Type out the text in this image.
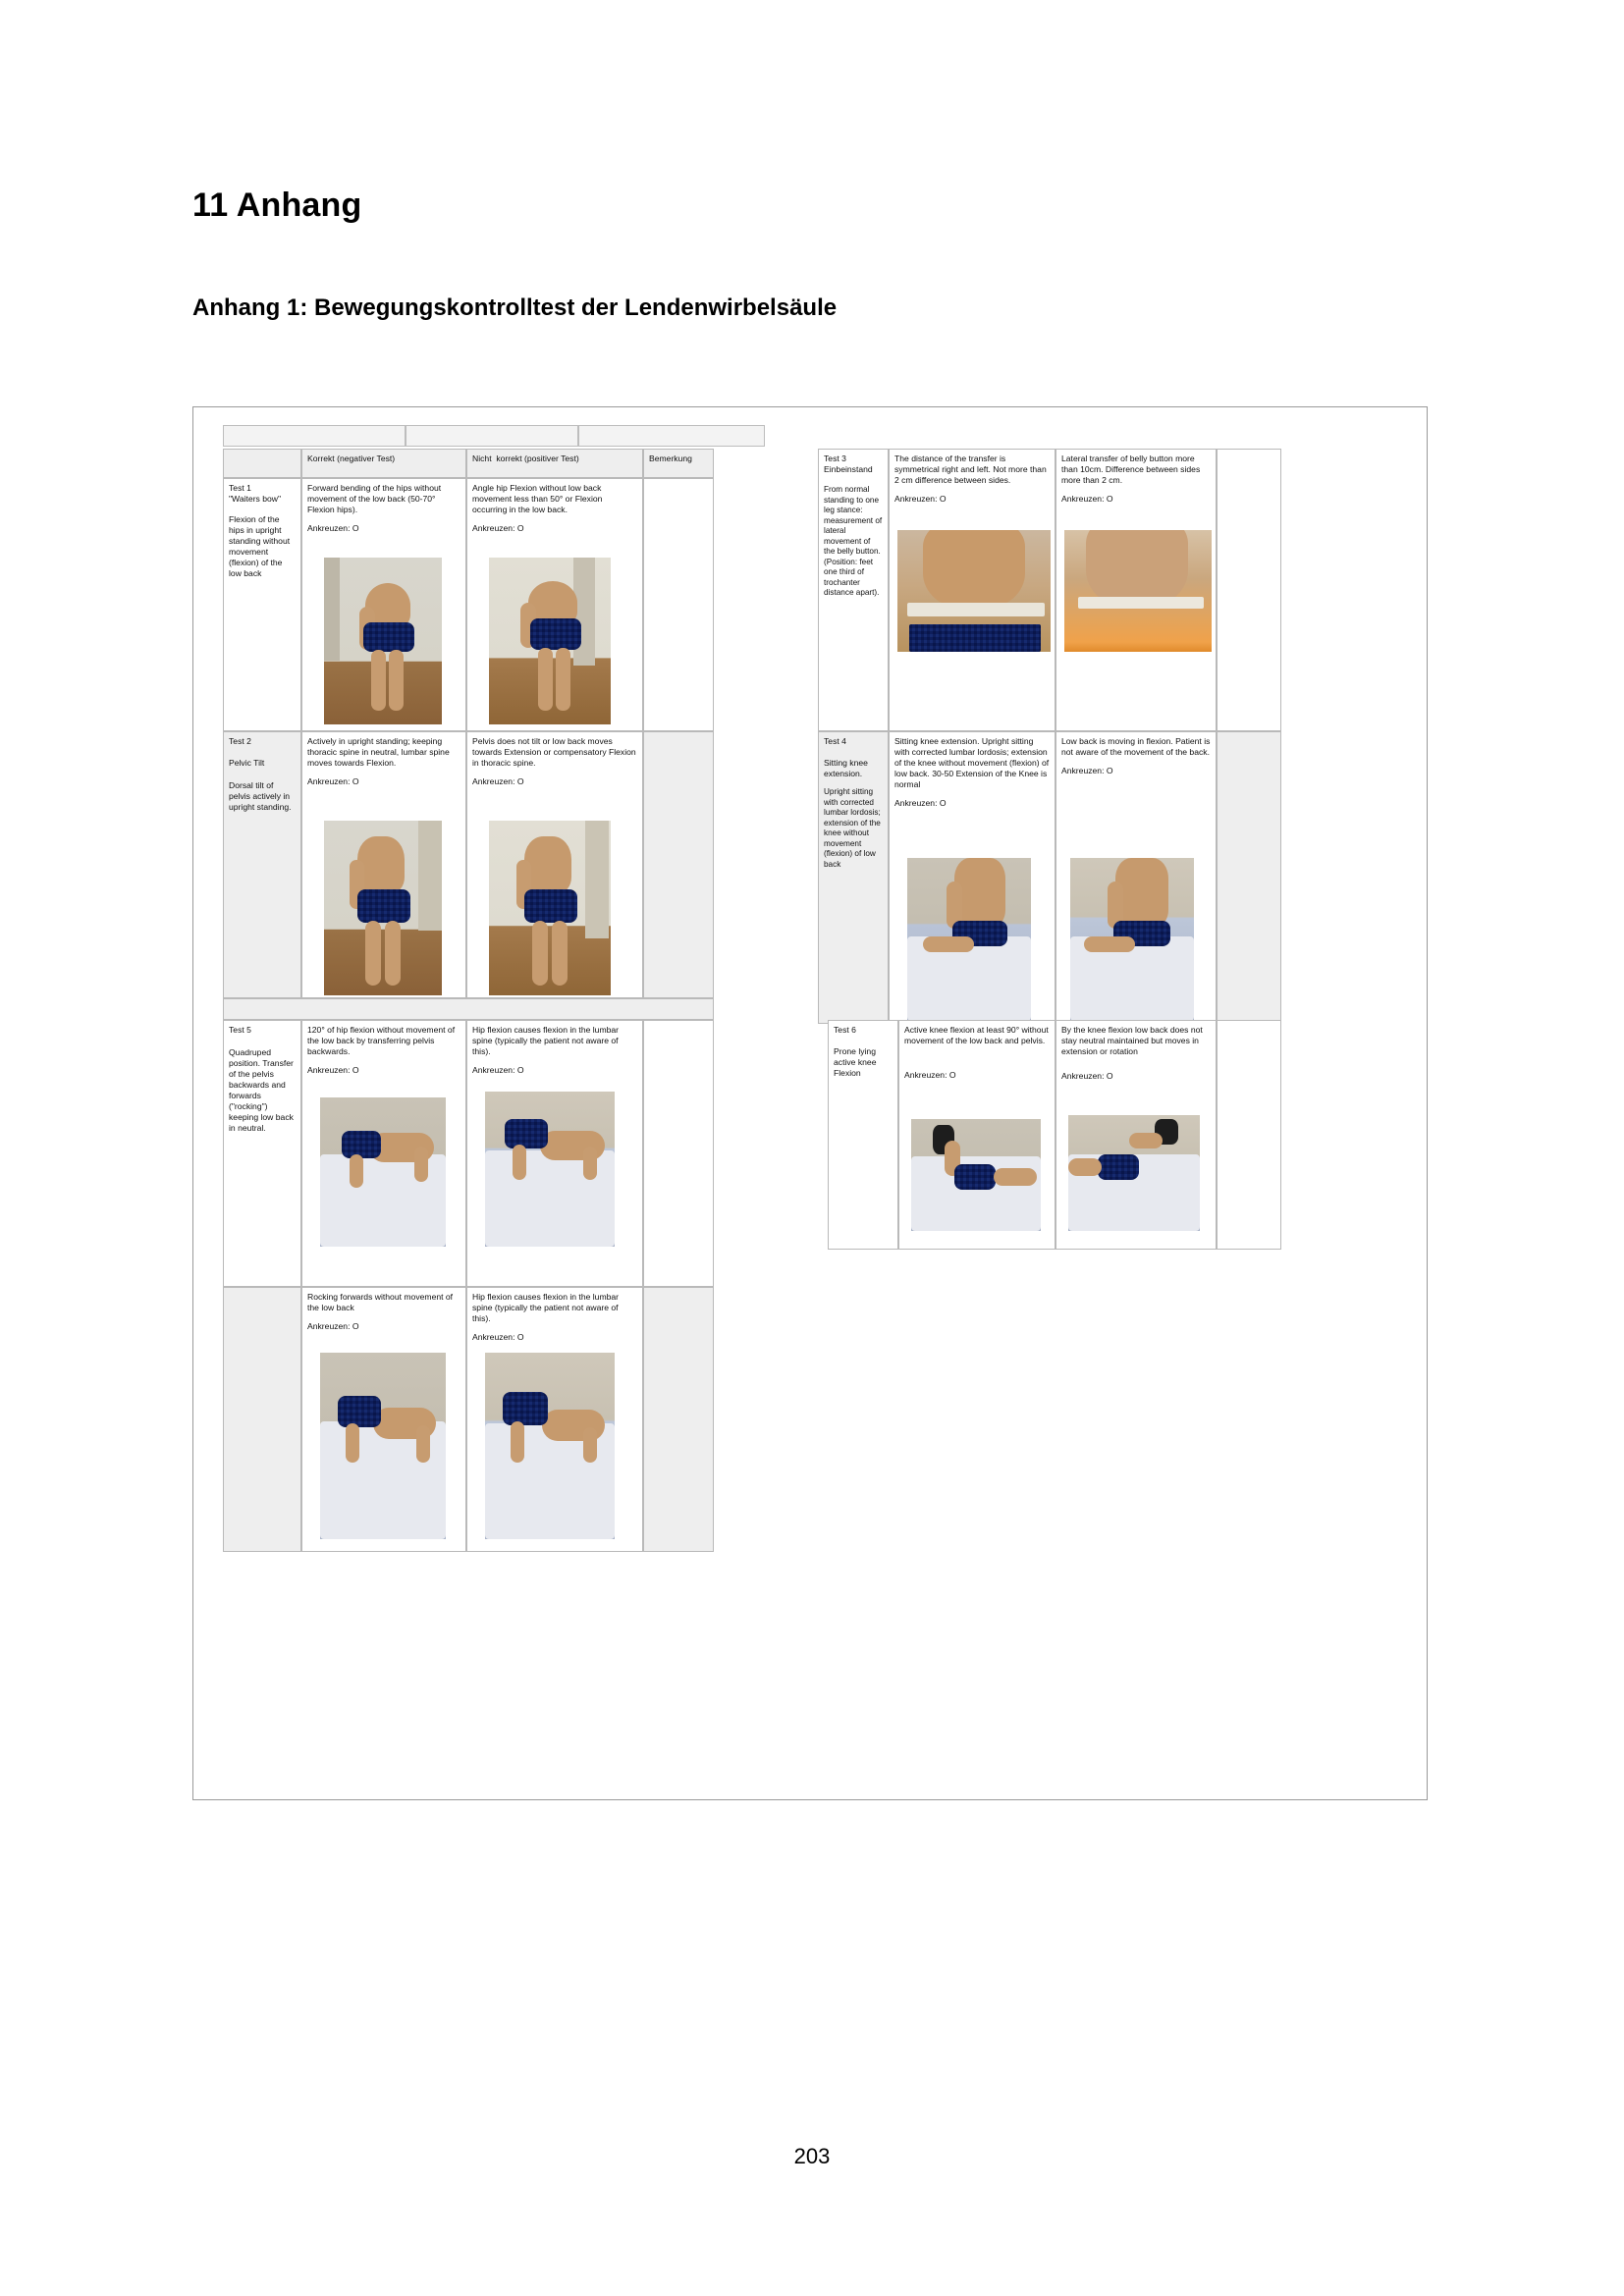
11 Anhang
Anhang 1: Bewegungskontrolltest der Lendenwirbelsäule
Korrekt (negativer Test)	Nicht  korrekt (positiver Test)	Bemerkung
Test 1
"Waiters bow"
Flexion of the hips in upright standing without movement (flexion) of the low back
Forward bending of the hips without movement of the low back (50-70° Flexion hips).
Ankreuzen: O
Angle hip Flexion without low back movement less than 50° or Flexion occurring in the low back.
Ankreuzen: O
Test 2

Pelvic Tilt
Dorsal tilt of pelvis actively in upright standing.
Actively in upright standing; keeping thoracic spine in neutral, lumbar spine moves towards Flexion.
Ankreuzen: O
Pelvis does not tilt or low back moves towards Extension or compensatory Flexion in thoracic spine.
Ankreuzen: O
Test 5
Quadruped position. Transfer of the pelvis backwards and forwards ("rocking") keeping low back in neutral.
120° of hip flexion without movement of the low back by transferring pelvis backwards.
Ankreuzen: O
Hip flexion causes flexion in the lumbar spine (typically the patient not aware of this).
Ankreuzen: O
Rocking forwards without movement of the low back
Ankreuzen: O
Hip flexion causes flexion in the lumbar spine (typically the patient not aware of this).
Ankreuzen: O
Test 3
Einbeinstand
From normal standing to one leg stance: measurement of lateral movement of the belly button. (Position: feet one third of trochanter distance apart).
The distance of the transfer is symmetrical right and left. Not more than 2 cm difference between sides.
Ankreuzen: O
Lateral transfer of belly button more than 10cm. Difference between sides more than 2 cm.
Ankreuzen: O
Test 4

Sitting knee extension.
Upright sitting with corrected lumbar lordosis; extension of the knee without movement (flexion) of low back
Sitting knee extension. Upright sitting with corrected lumbar lordosis; extension of the knee without movement (flexion) of low back. 30-50 Extension of the Knee is normal
Ankreuzen: O
Low back is moving in flexion. Patient is not aware of the movement of the back.
Ankreuzen: O
Test 6

Prone lying active knee Flexion
Active knee flexion at least 90° without movement of the low back and pelvis.
Ankreuzen: O
By the knee flexion low back does not stay neutral maintained but moves in extension or rotation
Ankreuzen: O
203
